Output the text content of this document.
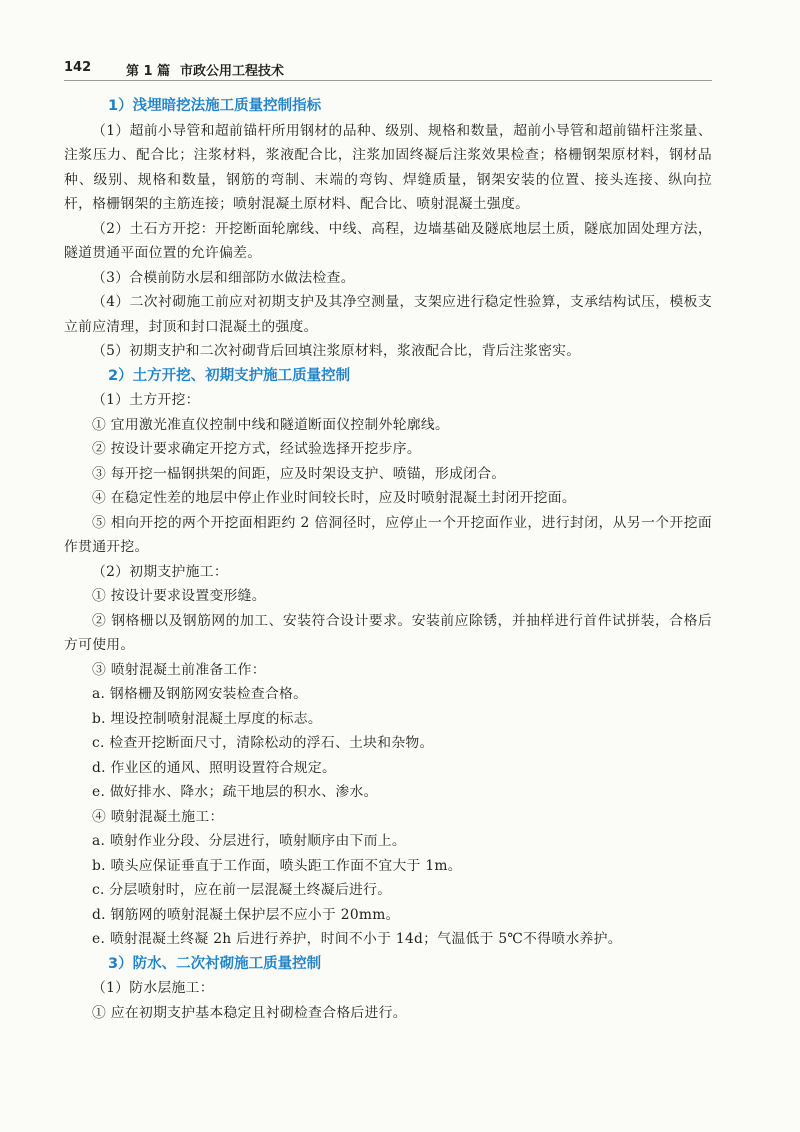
142	第 1 篇 市政公用工程技术
1）浅埋暗挖法施工质量控制指标

（1）超前小导管和超前锚杆所用钢材的品种、级别、规格和数量，超前小导管和超前锚杆注浆量、注浆压力、配合比；注浆材料，浆液配合比，注浆加固终凝后注浆效果检查；格栅钢架原材料，钢材品种、级别、规格和数量，钢筋的弯制、末端的弯钩、焊缝质量，钢架安装的位置、接头连接、纵向拉杆，格栅钢架的主筋连接；喷射混凝土原材料、配合比、喷射混凝土强度。

（2）土石方开挖：开挖断面轮廓线、中线、高程，边墙基础及隧底地层土质，隧底加固处理方法，隧道贯通平面位置的允许偏差。

（3）合模前防水层和细部防水做法检查。

（4）二次衬砌施工前应对初期支护及其净空测量，支架应进行稳定性验算，支承结构试压，模板支立前应清理，封顶和封口混凝土的强度。

（5）初期支护和二次衬砌背后回填注浆原材料，浆液配合比，背后注浆密实。

2）土方开挖、初期支护施工质量控制

（1）土方开挖：

① 宜用激光准直仪控制中线和隧道断面仪控制外轮廓线。

② 按设计要求确定开挖方式，经试验选择开挖步序。

③ 每开挖一榀钢拱架的间距，应及时架设支护、喷锚，形成闭合。

④ 在稳定性差的地层中停止作业时间较长时，应及时喷射混凝土封闭开挖面。

⑤ 相向开挖的两个开挖面相距约 2 倍洞径时，应停止一个开挖面作业，进行封闭，从另一个开挖面作贯通开挖。

（2）初期支护施工：

① 按设计要求设置变形缝。

② 钢格栅以及钢筋网的加工、安装符合设计要求。安装前应除锈，并抽样进行首件试拼装，合格后方可使用。

③ 喷射混凝土前准备工作：

a. 钢格栅及钢筋网安装检查合格。

b. 埋设控制喷射混凝土厚度的标志。

c. 检查开挖断面尺寸，清除松动的浮石、土块和杂物。

d. 作业区的通风、照明设置符合规定。

e. 做好排水、降水；疏干地层的积水、渗水。

④ 喷射混凝土施工：

a. 喷射作业分段、分层进行，喷射顺序由下而上。

b. 喷头应保证垂直于工作面，喷头距工作面不宜大于 1m。

c. 分层喷射时，应在前一层混凝土终凝后进行。

d. 钢筋网的喷射混凝土保护层不应小于 20mm。

e. 喷射混凝土终凝 2h 后进行养护，时间不小于 14d；气温低于 5℃不得喷水养护。

3）防水、二次衬砌施工质量控制

（1）防水层施工：

① 应在初期支护基本稳定且衬砌检查合格后进行。
